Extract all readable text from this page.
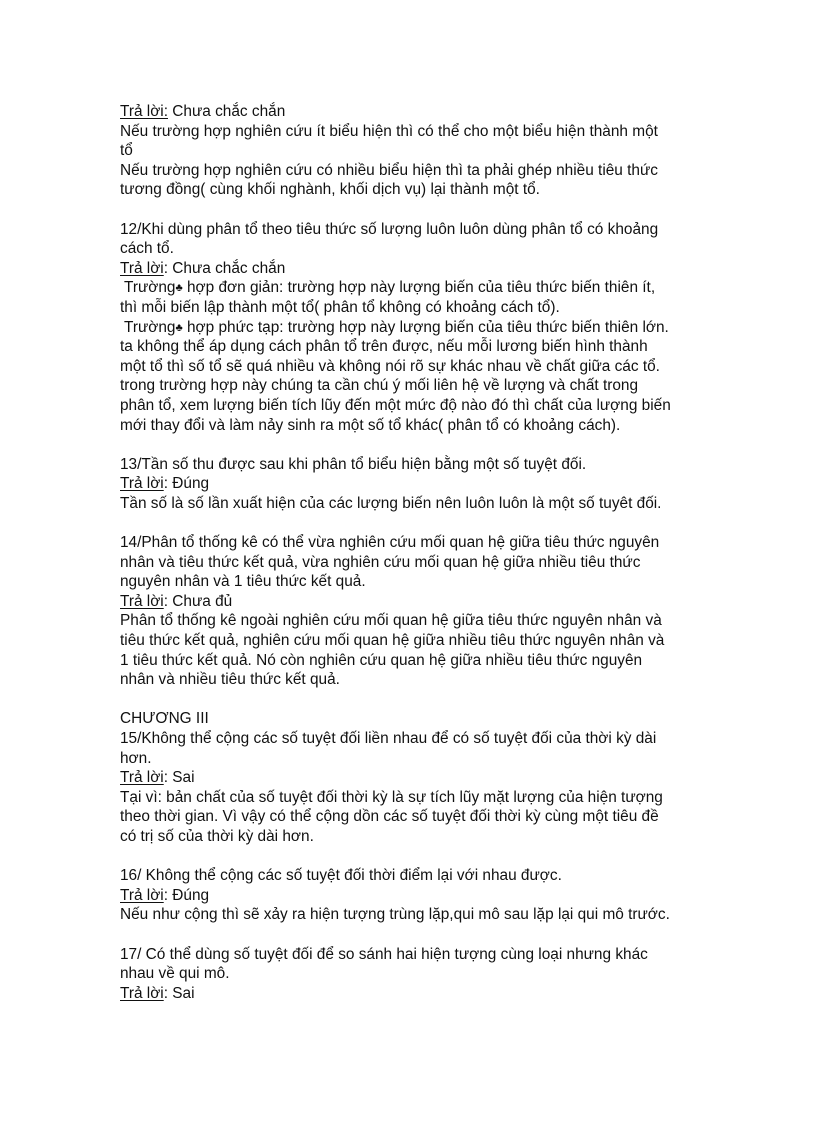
Trả lời: Chưa chắc chắn
Nếu trường hợp nghiên cứu ít biểu hiện thì có thể cho một biểu hiện thành một
tổ
Nếu trường hợp nghiên cứu có nhiều biểu hiện thì ta phải ghép nhiều tiêu thức
tương đồng( cùng khối nghành, khối dịch vụ) lại thành một tổ.
12/Khi dùng phân tổ theo tiêu thức số lượng luôn luôn dùng phân tổ có khoảng
cách tổ.
Trả lời: Chưa chắc chắn
Trường♣ hợp đơn giản: trường hợp này lượng biến của tiêu thức biến thiên ít,
thì mỗi biến lập thành một tổ( phân tổ không có khoảng cách tổ).
Trường♣ hợp phức tạp: trường hợp này lượng biến của tiêu thức biến thiên lớn.
ta không thể áp dụng cách phân tổ trên được, nếu mỗi lương biến hình thành
một tổ thì số tổ sẽ quá nhiều và không nói rõ sự khác nhau về chất giữa các tổ.
trong trường hợp này chúng ta cần chú ý mối liên hệ về lượng và chất trong
phân tổ, xem lượng biến tích lũy đến một mức độ nào đó thì chất của lượng biến
mới thay đổi và làm nảy sinh ra một số tổ khác( phân tổ có khoảng cách).
13/Tần số thu được sau khi phân tổ biểu hiện bằng một số tuyệt đối.
Trả lời: Đúng
Tần số là số lần xuất hiện của các lượng biến nên luôn luôn là một số tuyêt đối.
14/Phân tổ thống kê có thể vừa nghiên cứu mối quan hệ giữa tiêu thức nguyên
nhân và tiêu thức kết quả, vừa nghiên cứu mối quan hệ giữa nhiều tiêu thức
nguyên nhân và 1 tiêu thức kết quả.
Trả lời: Chưa đủ
Phân tổ thống kê ngoài nghiên cứu mối quan hệ giữa tiêu thức nguyên nhân và
tiêu thức kết quả, nghiên cứu mối quan hệ giữa nhiều tiêu thức nguyên nhân và
1 tiêu thức kết quả. Nó còn nghiên cứu quan hệ giữa nhiều tiêu thức nguyên
nhân và nhiều tiêu thức kết quả.
CHƯƠNG III
15/Không thể cộng các số tuyệt đối liền nhau để có số tuyệt đối của thời kỳ dài
hơn.
Trả lời: Sai
Tại vì: bản chất của số tuyệt đối thời kỳ là sự tích lũy mặt lượng của hiện tượng
theo thời gian. Vì vậy có thể cộng dồn các số tuyệt đối thời kỳ cùng một tiêu đề
có trị số của thời kỳ dài hơn.
16/ Không thể cộng các số tuyệt đối thời điểm lại với nhau được.
Trả lời: Đúng
Nếu như cộng thì sẽ xảy ra hiện tượng trùng lặp,qui mô sau lặp lại qui mô trước.
17/ Có thể dùng số tuyệt đối để so sánh hai hiện tượng cùng loại nhưng khác
nhau về qui mô.
Trả lời: Sai
